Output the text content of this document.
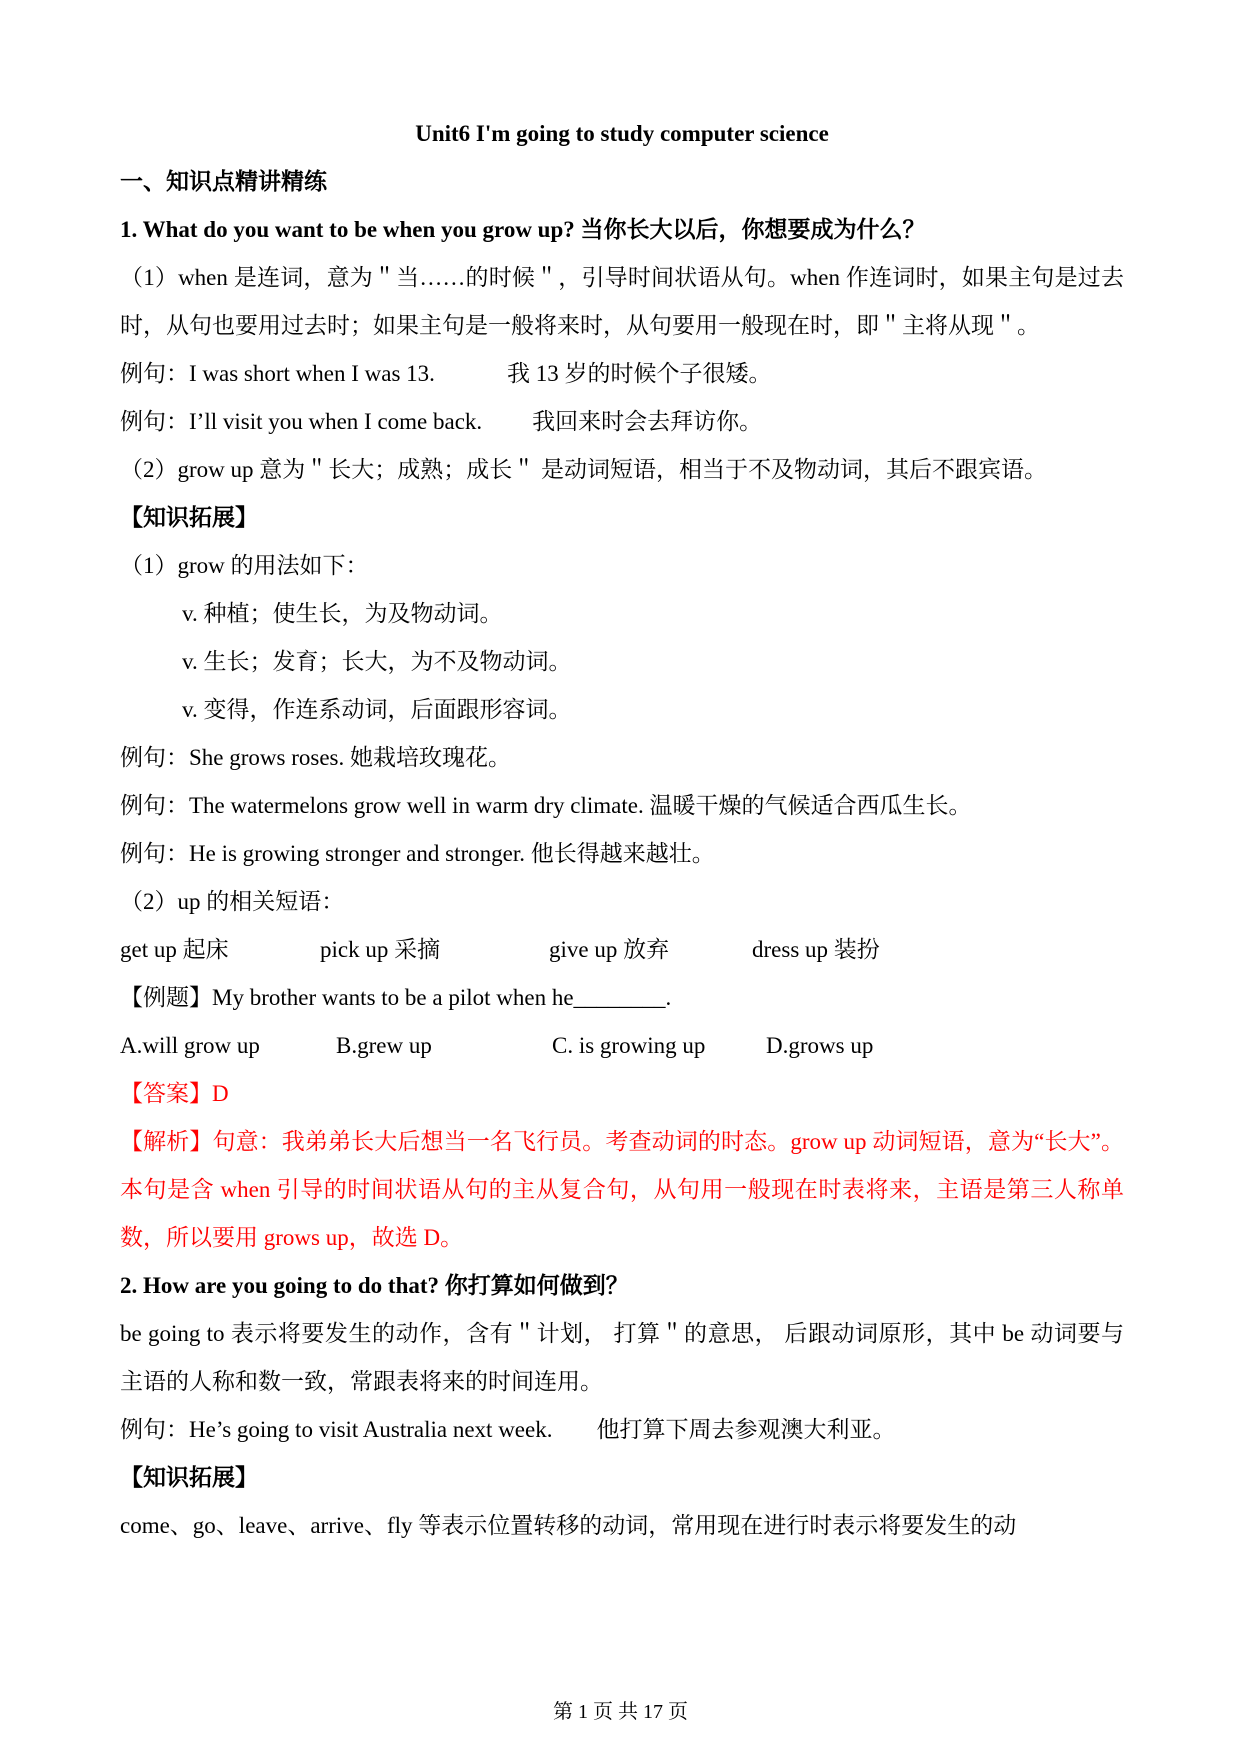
Unit6 I'm going to study computer science

一、知识点精讲精练

1. What do you want to be when you grow up? 当你长大以后，你想要成为什么？

（1）when 是连词，意为＂当……的时候＂，引导时间状语从句。when 作连词时，如果主句是过去时，从句也要用过去时；如果主句是一般将来时，从句要用一般现在时，即＂主将从现＂。

例句：I was short when I was 13.	我 13 岁的时候个子很矮。

例句：I’ll visit you when I come back. 我回来时会去拜访你。

（2）grow up 意为＂长大；成熟；成长＂ 是动词短语，相当于不及物动词，其后不跟宾语。

【知识拓展】

（1）grow 的用法如下：

v. 种植；使生长，为及物动词。

v. 生长；发育；长大，为不及物动词。

v. 变得，作连系动词，后面跟形容词。

例句：She grows roses. 她栽培玫瑰花。

例句：The watermelons grow well in warm dry climate. 温暖干燥的气候适合西瓜生长。

例句：He is growing stronger and stronger. 他长得越来越壮。

（2）up 的相关短语：

get up 起床	pick up 采摘	give up 放弃	dress up 装扮

【例题】My brother wants to be a pilot when he________.

A.will grow up	B.grew up	C. is growing up	D.grows up

【答案】D

【解析】句意：我弟弟长大后想当一名飞行员。考查动词的时态。grow up 动词短语，意为“长大”。本句是含 when 引导的时间状语从句的主从复合句，从句用一般现在时表将来，主语是第三人称单数，所以要用 grows up，故选 D。

2. How are you going to do that? 你打算如何做到？

be going to 表示将要发生的动作，含有＂计划， 打算＂的意思， 后跟动词原形，其中 be 动词要与主语的人称和数一致，常跟表将来的时间连用。

例句：He’s going to visit Australia next week. 他打算下周去参观澳大利亚。

【知识拓展】

come、go、leave、arrive、fly 等表示位置转移的动词，常用现在进行时表示将要发生的动

第 1 页 共 17 页
